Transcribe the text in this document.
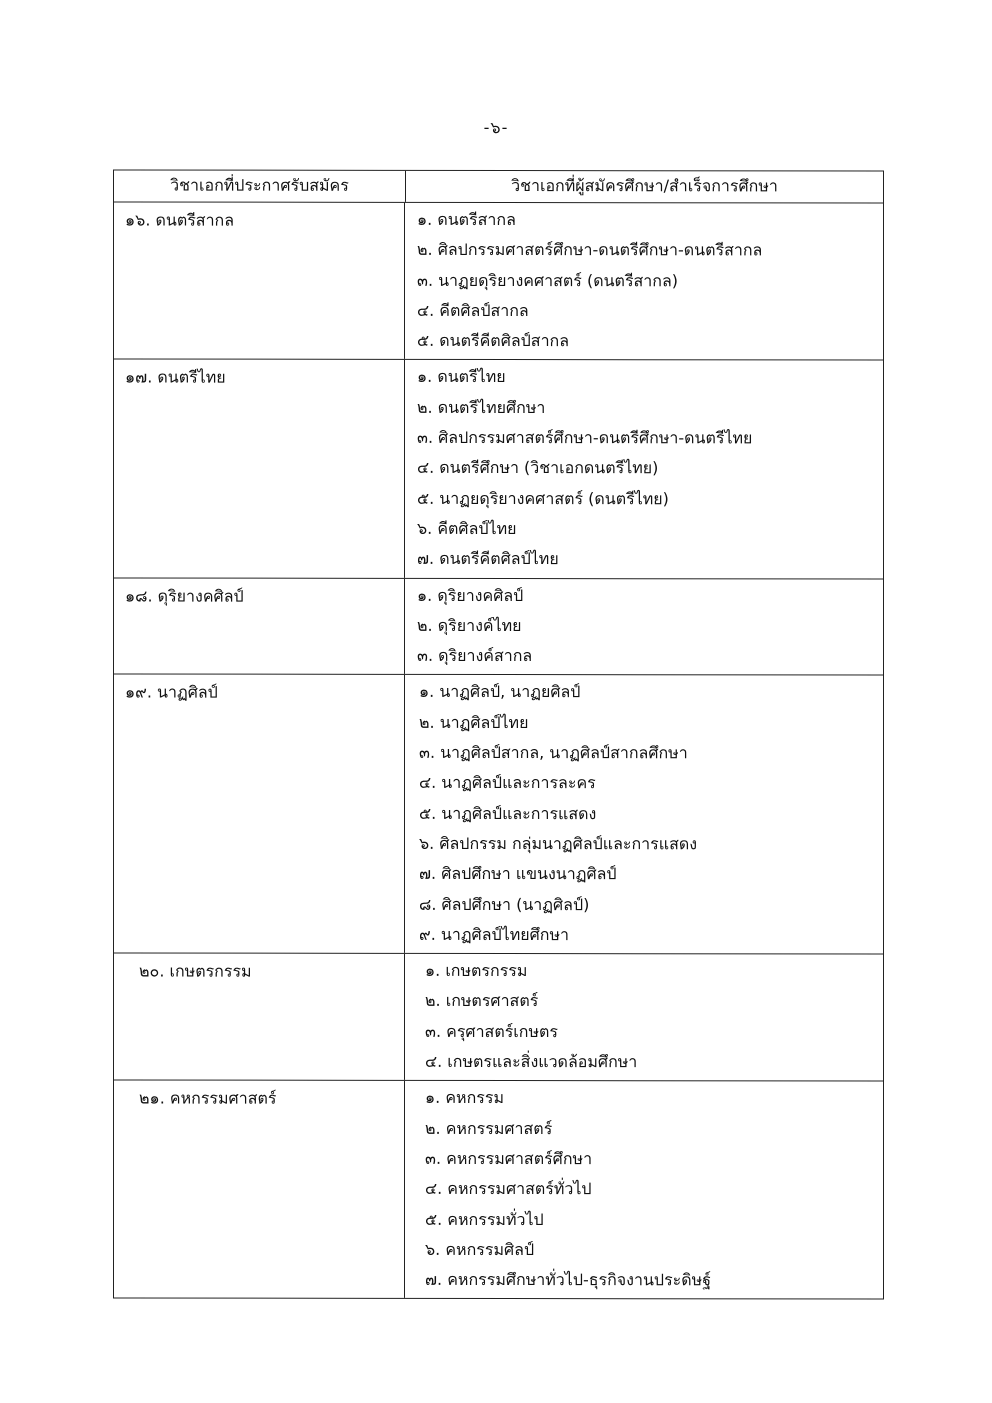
-๖-
วิชาเอกที่ประกาศรับสมัคร	วิชาเอกที่ผู้สมัครศึกษา/สำเร็จการศึกษา
๑๖. ดนตรีสากล	๑. ดนตรีสากล
๒. ศิลปกรรมศาสตร์ศึกษา-ดนตรีศึกษา-ดนตรีสากล
๓. นาฏยดุริยางคศาสตร์ (ดนตรีสากล)
๔. คีตศิลป์สากล
๕. ดนตรีคีตศิลป์สากล
๑๗. ดนตรีไทย	๑. ดนตรีไทย
๒. ดนตรีไทยศึกษา
๓. ศิลปกรรมศาสตร์ศึกษา-ดนตรีศึกษา-ดนตรีไทย
๔. ดนตรีศึกษา (วิชาเอกดนตรีไทย)
๕. นาฏยดุริยางคศาสตร์ (ดนตรีไทย)
๖. คีตศิลป์ไทย
๗. ดนตรีคีตศิลป์ไทย
๑๘. ดุริยางคศิลป์	๑. ดุริยางคศิลป์
๒. ดุริยางค์ไทย
๓. ดุริยางค์สากล
๑๙. นาฏศิลป์	๑. นาฏศิลป์, นาฏยศิลป์
๒. นาฏศิลป์ไทย
๓. นาฏศิลป์สากล, นาฏศิลป์สากลศึกษา
๔. นาฏศิลป์และการละคร
๕. นาฏศิลป์และการแสดง
๖. ศิลปกรรม กลุ่มนาฏศิลป์และการแสดง
๗. ศิลปศึกษา แขนงนาฏศิลป์
๘. ศิลปศึกษา (นาฏศิลป์)
๙. นาฏศิลป์ไทยศึกษา
๒๐. เกษตรกรรม	๑. เกษตรกรรม
๒. เกษตรศาสตร์
๓. ครุศาสตร์เกษตร
๔. เกษตรและสิ่งแวดล้อมศึกษา
๒๑. คหกรรมศาสตร์	๑. คหกรรม
๒. คหกรรมศาสตร์
๓. คหกรรมศาสตร์ศึกษา
๔. คหกรรมศาสตร์ทั่วไป
๕. คหกรรมทั่วไป
๖. คหกรรมศิลป์
๗. คหกรรมศึกษาทั่วไป-ธุรกิจงานประดิษฐ์
